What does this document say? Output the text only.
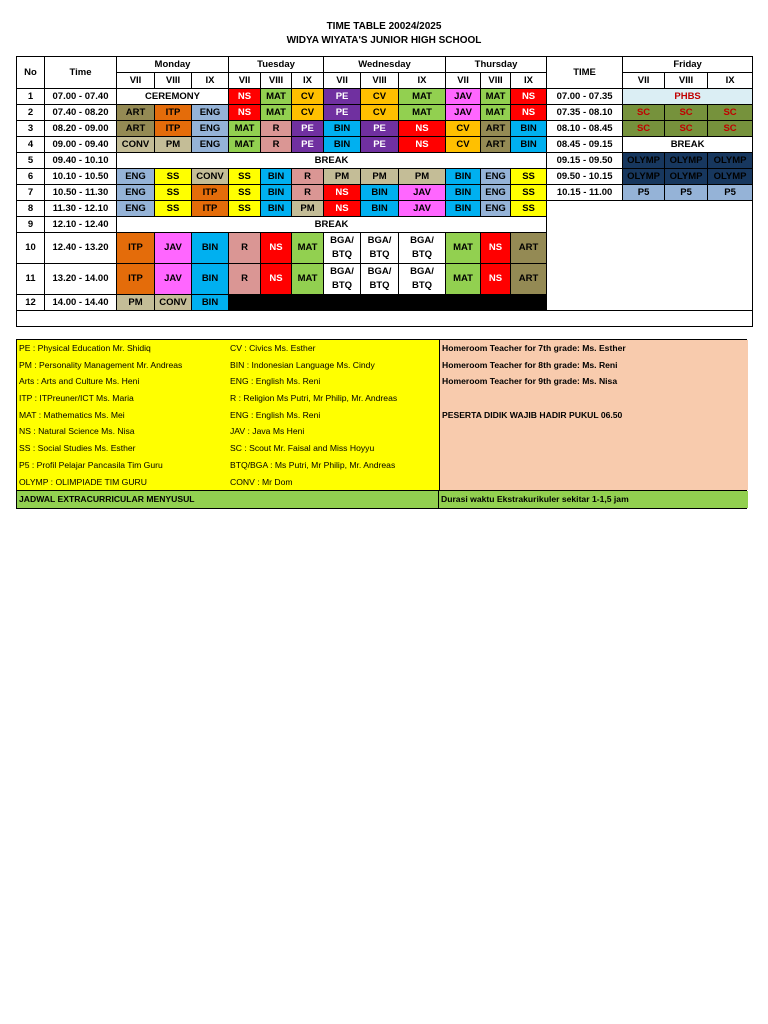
TIME TABLE 20024/2025
WIDYA WIYATA'S JUNIOR HIGH SCHOOL
No	Time	Monday			Tuesday			Wednesday			Thursday			TIME	Friday		
		VII	VIII	IX	VII	VIII	IX	VII	VIII	IX	VII	VIII	IX		VII	VIII	IX
1	07.00 - 07.40	CEREMONY			NS	MAT	CV	PE	CV	MAT	JAV	MAT	NS	07.00 - 07.35	PHBS		
2	07.40 - 08.20	ART	ITP	ENG	NS	MAT	CV	PE	CV	MAT	JAV	MAT	NS	07.35 - 08.10	SC	SC	SC
3	08.20 - 09.00	ART	ITP	ENG	MAT	R	PE	BIN	PE	NS	CV	ART	BIN	08.10 - 08.45	SC	SC	SC
4	09.00 - 09.40	CONV	PM	ENG	MAT	R	PE	BIN	PE	NS	CV	ART	BIN	08.45 - 09.15	BREAK		
5	09.40 - 10.10	BREAK												09.15 - 09.50	OLYMP	OLYMP	OLYMP
6	10.10 - 10.50	ENG	SS	CONV	SS	BIN	R	PM	PM	PM	BIN	ENG	SS	09.50 - 10.15	OLYMP	OLYMP	OLYMP
7	10.50 - 11.30	ENG	SS	ITP	SS	BIN	R	NS	BIN	JAV	BIN	ENG	SS	10.15 - 11.00	P5	P5	P5
8	11.30 - 12.10	ENG	SS	ITP	SS	BIN	PM	NS	BIN	JAV	BIN	ENG	SS				
9	12.10 - 12.40	BREAK															
10	12.40 - 13.20	ITP	JAV	BIN	R	NS	MAT	BGA/ BTQ	BGA/ BTQ	BGA/ BTQ	MAT	NS	ART				
11	13.20 - 14.00	ITP	JAV	BIN	R	NS	MAT	BGA/ BTQ	BGA/ BTQ	BGA/ BTQ	MAT	NS	ART				
12	14.00 - 14.40	PM	CONV	BIN													

PE : Physical Education Mr. Shidiq	CV : Civics Ms. Esther	Homeroom Teacher for 7th grade: Ms. Esther
PM : Personality Management Mr. Andreas	BIN : Indonesian Language Ms. Cindy	Homeroom Teacher for 8th grade: Ms. Reni
Arts : Arts and Culture Ms. Heni	ENG : English Ms. Reni	Homeroom Teacher for 9th grade: Ms. Nisa
ITP : ITPreuner/ICT Ms. Maria	R : Religion Ms Putri, Mr Philip, Mr. Andreas
MAT : Mathematics Ms. Mei	ENG : English Ms. Reni	PESERTA DIDIK WAJIB HADIR PUKUL 06.50
NS : Natural Science Ms. Nisa	JAV : Java Ms Heni
SS : Social Studies Ms. Esther	SC : Scout Mr. Faisal and Miss Hoyyu
P5 : Profil Pelajar Pancasila Tim Guru	BTQ/BGA : Ms Putri, Mr Philip, Mr. Andreas
OLYMP : OLIMPIADE TIM GURU	CONV : Mr Dom
JADWAL EXTRACURRICULAR MENYUSUL	Durasi waktu Ekstrakurikuler sekitar 1-1,5 jam
